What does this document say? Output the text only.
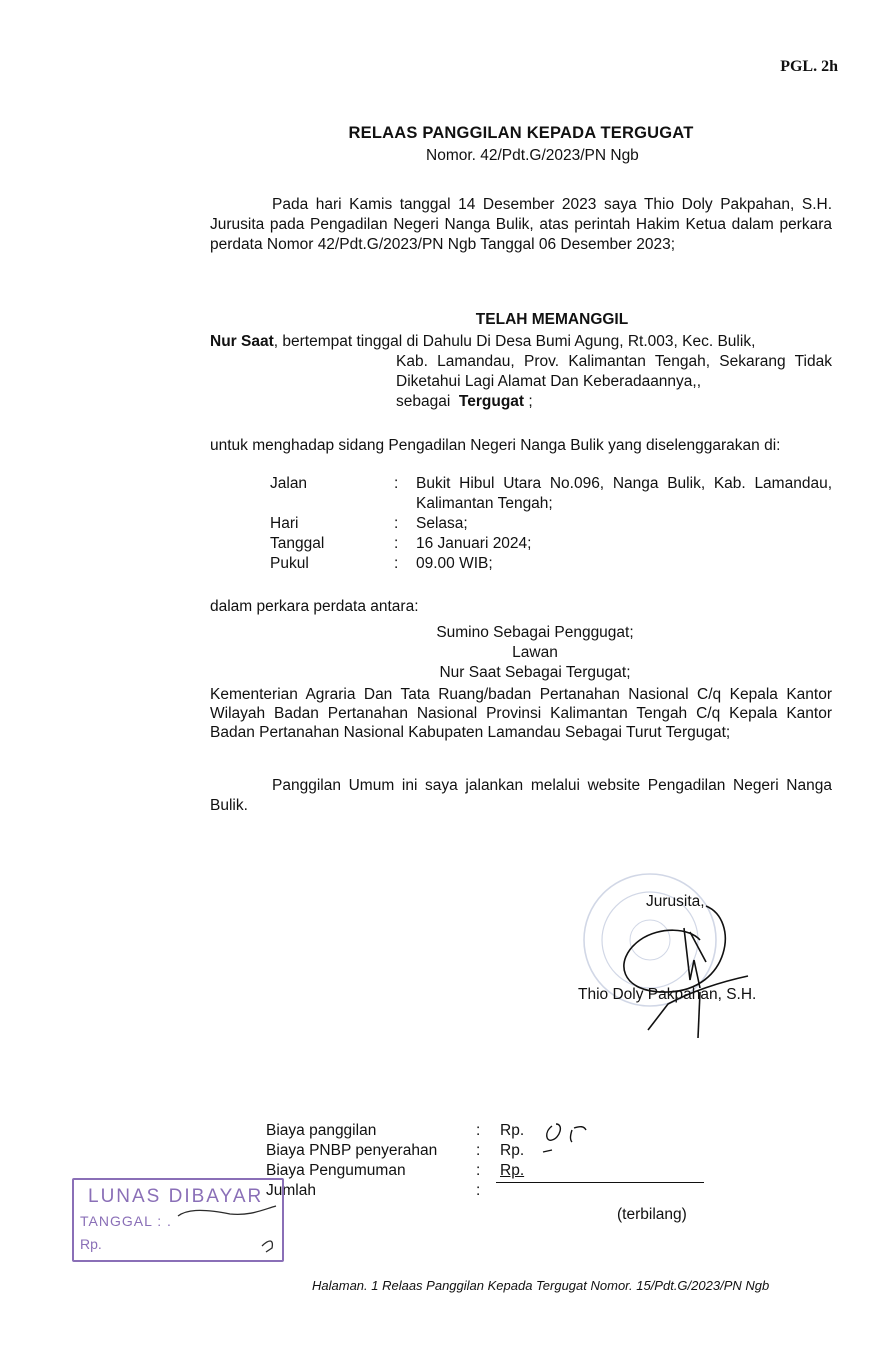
PGL. 2h
RELAAS PANGGILAN KEPADA TERGUGAT
Nomor. 42/Pdt.G/2023/PN Ngb
Pada hari Kamis tanggal 14 Desember 2023 saya Thio Doly Pakpahan, S.H. Jurusita pada Pengadilan Negeri Nanga Bulik, atas perintah Hakim Ketua dalam perkara perdata Nomor 42/Pdt.G/2023/PN Ngb Tanggal 06 Desember 2023;
TELAH MEMANGGIL
Nur Saat, bertempat tinggal di Dahulu Di Desa Bumi Agung, Rt.003, Kec. Bulik,
Kab. Lamandau, Prov. Kalimantan Tengah, Sekarang Tidak Diketahui Lagi Alamat Dan Keberadaannya,,
sebagai Tergugat ;
untuk menghadap sidang Pengadilan Negeri Nanga Bulik yang diselenggarakan di:
Jalan	:	Bukit Hibul Utara No.096, Nanga Bulik, Kab. Lamandau, Kalimantan Tengah;
Hari	:	Selasa;
Tanggal	:	16 Januari 2024;
Pukul	:	09.00 WIB;
dalam perkara perdata antara:
Sumino Sebagai Penggugat;
Lawan
Nur Saat Sebagai Tergugat;
Kementerian Agraria Dan Tata Ruang/badan Pertanahan Nasional C/q Kepala Kantor Wilayah Badan Pertanahan Nasional Provinsi Kalimantan Tengah C/q Kepala Kantor Badan Pertanahan Nasional Kabupaten Lamandau Sebagai Turut Tergugat;
Panggilan Umum ini saya jalankan melalui website Pengadilan Negeri Nanga Bulik.
Jurusita,
Thio Doly Pakpahan, S.H.
Biaya panggilan	:	Rp.
Biaya PNBP penyerahan	:	Rp.
Biaya Pengumuman	:	Rp.
Jumlah	:	
(terbilang)
LUNAS DIBAYAR
TANGGAL : .
Rp.
Halaman. 1 Relaas Panggilan Kepada Tergugat Nomor. 15/Pdt.G/2023/PN Ngb
